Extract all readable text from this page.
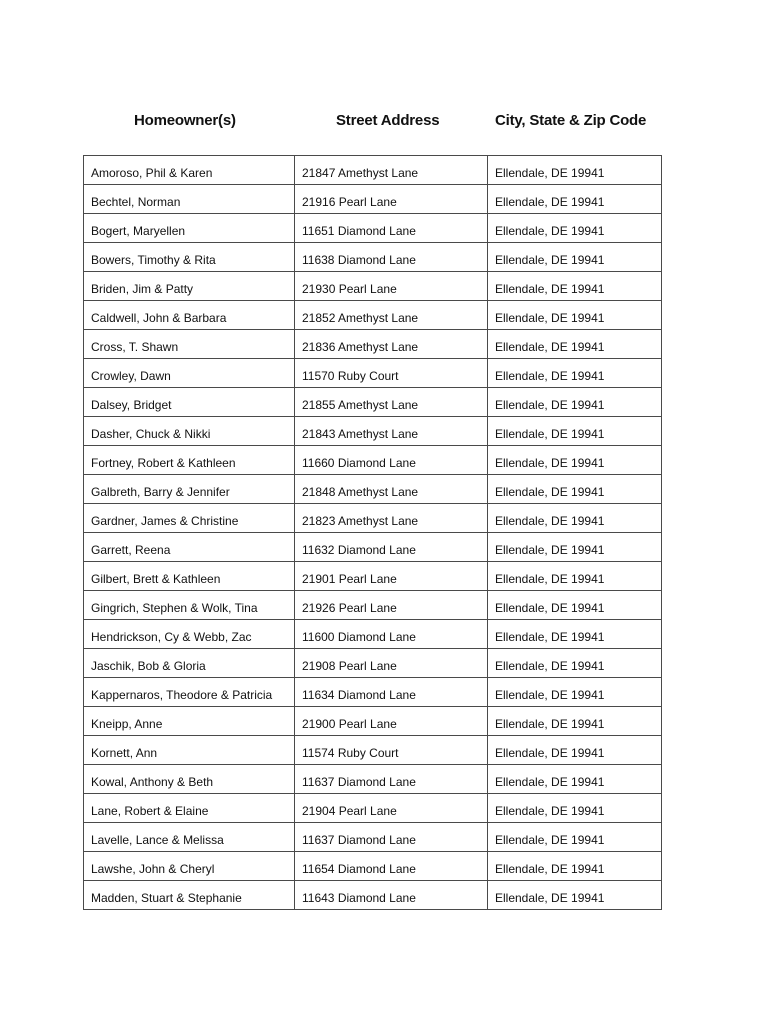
Homeowner(s)	Street Address	City, State & Zip Code
Amoroso, Phil & Karen	21847 Amethyst Lane	Ellendale, DE 19941
Bechtel, Norman	21916 Pearl Lane	Ellendale, DE 19941
Bogert, Maryellen	11651 Diamond Lane	Ellendale, DE 19941
Bowers, Timothy & Rita	11638 Diamond Lane	Ellendale, DE 19941
Briden, Jim & Patty	21930 Pearl Lane	Ellendale, DE 19941
Caldwell, John & Barbara	21852 Amethyst Lane	Ellendale, DE 19941
Cross, T. Shawn	21836 Amethyst Lane	Ellendale, DE 19941
Crowley, Dawn	11570 Ruby Court	Ellendale, DE 19941
Dalsey, Bridget	21855 Amethyst Lane	Ellendale, DE 19941
Dasher, Chuck & Nikki	21843 Amethyst Lane	Ellendale, DE 19941
Fortney, Robert & Kathleen	11660 Diamond Lane	Ellendale, DE 19941
Galbreth, Barry & Jennifer	21848 Amethyst Lane	Ellendale, DE 19941
Gardner, James & Christine	21823 Amethyst Lane	Ellendale, DE 19941
Garrett, Reena	11632 Diamond Lane	Ellendale, DE 19941
Gilbert, Brett & Kathleen	21901 Pearl Lane	Ellendale, DE 19941
Gingrich, Stephen & Wolk, Tina	21926 Pearl Lane	Ellendale, DE 19941
Hendrickson, Cy & Webb, Zac	11600 Diamond Lane	Ellendale, DE 19941
Jaschik, Bob & Gloria	21908 Pearl Lane	Ellendale, DE 19941
Kappernaros, Theodore & Patricia	11634 Diamond Lane	Ellendale, DE 19941
Kneipp, Anne	21900 Pearl Lane	Ellendale, DE 19941
Kornett, Ann	11574 Ruby Court	Ellendale, DE 19941
Kowal, Anthony & Beth	11637 Diamond Lane	Ellendale, DE 19941
Lane, Robert & Elaine	21904 Pearl Lane	Ellendale, DE 19941
Lavelle, Lance & Melissa	11637 Diamond Lane	Ellendale, DE 19941
Lawshe, John & Cheryl	11654 Diamond Lane	Ellendale, DE 19941
Madden, Stuart & Stephanie	11643 Diamond Lane	Ellendale, DE 19941
